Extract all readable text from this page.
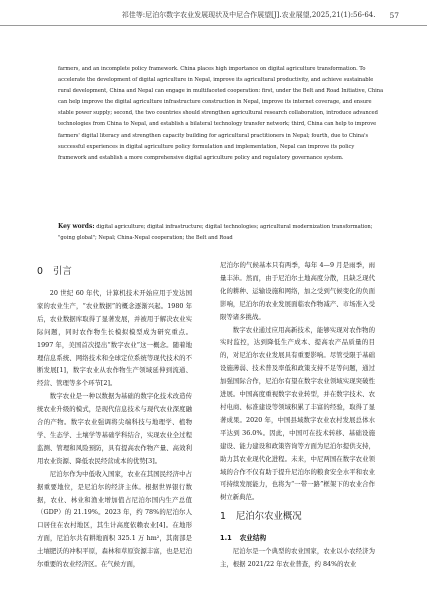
祁佳等:尼泊尔数字农业发展现状及中尼合作展望[J].农业展望,2025,21(1):56-64. 57
farmers, and an incomplete policy framework. China places high importance on digital agriculture transformation. To
accelerate the development of digital agriculture in Nepal, improve its agricultural productivity, and achieve sustainable
rural development, China and Nepal can engage in multifaceted cooperation: first, under the Belt and Road Initiative, China
can help improve the digital agriculture infrastructure construction in Nepal, improve its internet coverage, and ensure
stable power supply; second, the two countries should strengthen agricultural research collaboration, introduce advanced
technologies from China to Nepal, and establish a bilateral technology transfer network; third, China can help to improve
farmers' digital literacy and strengthen capacity building for agricultural practitioners in Nepal; fourth, due to China's
successful experiences in digital agriculture policy formulation and implementation, Nepal can improve its policy
framework and establish a more comprehensive digital agriculture policy and regulatory governance system.
Key words: digital agriculture; digital infrastructure; digital technologies; agricultural modernization transformation;
"going global"; Nepal; China-Nepal cooperation; the Belt and Road
0 引言

20 世纪 60 年代，计算机技术开始应用于发达国家的农业生产，“农业数据”的概念逐渐兴起。1980 年后，农业数据库取得了显著发展，并被用于解决农业实际问题，同时农作物生长模拟模型成为研究重点。1997 年，美国首次提出“数字农业”这一概念。随着地理信息系统、网络技术和全球定位系统等现代技术的不断发展[1]，数字农业从农作物生产领域延伸到流通、经营、管理等多个环节[2]。

数字农业是一种以数据为基础的数字化技术改造传统农业升级的模式，是现代信息技术与现代农业深度融合的产物。数字农业强调将尖端科技与地理学、植物学、生态学、土壤学等基础学科结合，实现农业全过程监测、管理和风险预防，具有提高农作物产量、高效利用农业资源、降低农民经营成本的优势[3]。

尼泊尔作为中低收入国家，农业在其国民经济中占据重要地位，是尼泊尔的经济主体。根据世界银行数据，农业、林业和渔业增加值占尼泊尔国内生产总值（GDP）的 21.19%。2023 年，约 78%的尼泊尔人口居住在农村地区，其生计高度依赖农业[4]。在地形方面，尼泊尔共有耕地面积 325.1 万 hm²，其南部是土壤肥沃的冲积平原，森林和草原资源丰富，也是尼泊尔重要的农业经济区。在气候方面，

尼泊尔的气候基本只有两季，每年 4—9 月是雨季，雨量丰沛。然而，由于尼泊尔土地高度分散，且缺乏现代化的耕种、运输设施和网络，加之受到气候变化的负面影响，尼泊尔的农业发展面临农作物减产、市场准入受限等诸多挑战。

数字农业通过应用高新技术，能够实现对农作物的实时监控，达到降低生产成本、提高农产品质量的目的，对尼泊尔农业发展具有重要影响。尽管受限于基础设施薄弱、技术普及率低和政策支持不足等问题，通过加强国际合作，尼泊尔有望在数字农业领域实现突破性进展。中国高度重视数字农业转型，并在数字技术、农村电商、标准建设等领域积累了丰富的经验，取得了显著成果。2020 年，中国县域数字农业农村发展总体水平达到 36.0%。因此，中国可在技术转移、基础设施建设、能力建设和政策咨询等方面为尼泊尔提供支持，助力其农业现代化进程。未来，中尼两国在数字农业领域的合作不仅有助于提升尼泊尔的粮食安全水平和农业可持续发展能力，也将为“一带一路”框架下的农业合作树立新典范。

1 尼泊尔农业概况
1.1 农业结构

尼泊尔是一个典型的农业国家，农业以小农经济为主，根据 2021/22 年农业普查，约 84%的农业
